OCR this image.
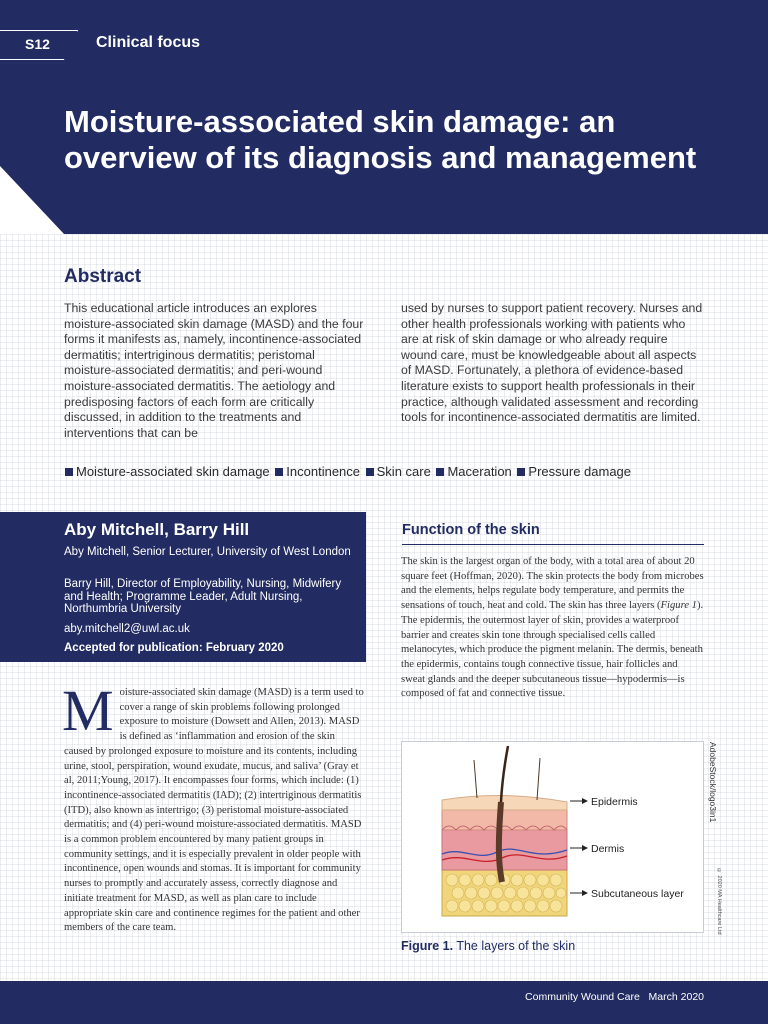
S12	Clinical focus
Moisture-associated skin damage: an overview of its diagnosis and management
Abstract
This educational article introduces an explores moisture-associated skin damage (MASD) and the four forms it manifests as, namely, incontinence-associated dermatitis; intertriginous dermatitis; peristomal moisture-associated dermatitis; and peri-wound moisture-associated dermatitis. The aetiology and predisposing factors of each form are critically discussed, in addition to the treatments and interventions that can be
used by nurses to support patient recovery. Nurses and other health professionals working with patients who are at risk of skin damage or who already require wound care, must be knowledgeable about all aspects of MASD. Fortunately, a plethora of evidence-based literature exists to support health professionals in their practice, although validated assessment and recording tools for incontinence-associated dermatitis are limited.
Moisture-associated skin damage Incontinence Skin care Maceration Pressure damage
Aby Mitchell, Barry Hill
Aby Mitchell, Senior Lecturer, University of West London
Barry Hill, Director of Employability, Nursing, Midwifery and Health; Programme Leader, Adult Nursing, Northumbria University
aby.mitchell2@uwl.ac.uk
Accepted for publication: February 2020
Moisture-associated skin damage (MASD) is a term used to cover a range of skin problems following prolonged exposure to moisture (Dowsett and Allen, 2013). MASD is defined as ‘inflammation and erosion of the skin caused by prolonged exposure to moisture and its contents, including urine, stool, perspiration, wound exudate, mucus, and saliva’ (Gray et al, 2011;Young, 2017). It encompasses four forms, which include: (1) incontinence-associated dermatitis (IAD); (2) intertriginous dermatitis (ITD), also known as intertrigo; (3) peristomal moisture-associated dermatitis; and (4) peri-wound moisture-associated dermatitis. MASD is a common problem encountered by many patient groups in community settings, and it is especially prevalent in older people with incontinence, open wounds and stomas. It is important for community nurses to promptly and accurately assess, correctly diagnose and initiate treatment for MASD, as well as plan care to include appropriate skin care and continence regimes for the patient and other members of the care team.
Function of the skin
The skin is the largest organ of the body, with a total area of about 20 square feet (Hoffman, 2020). The skin protects the body from microbes and the elements, helps regulate body temperature, and permits the sensations of touch, heat and cold. The skin has three layers (Figure 1). The epidermis, the outermost layer of skin, provides a waterproof barrier and creates skin tone through specialised cells called melanocytes, which produce the pigment melanin. The dermis, beneath the epidermis, contains tough connective tissue, hair follicles and sweat glands and the deeper subcutaneous tissue—hypodermis—is composed of fat and connective tissue.
Epidermis
Dermis
Subcutaneous layer
AdobeStock/logo3in1
© 2020 MA Healthcare Ltd
Figure 1. The layers of the skin
Community Wound Care   March 2020
